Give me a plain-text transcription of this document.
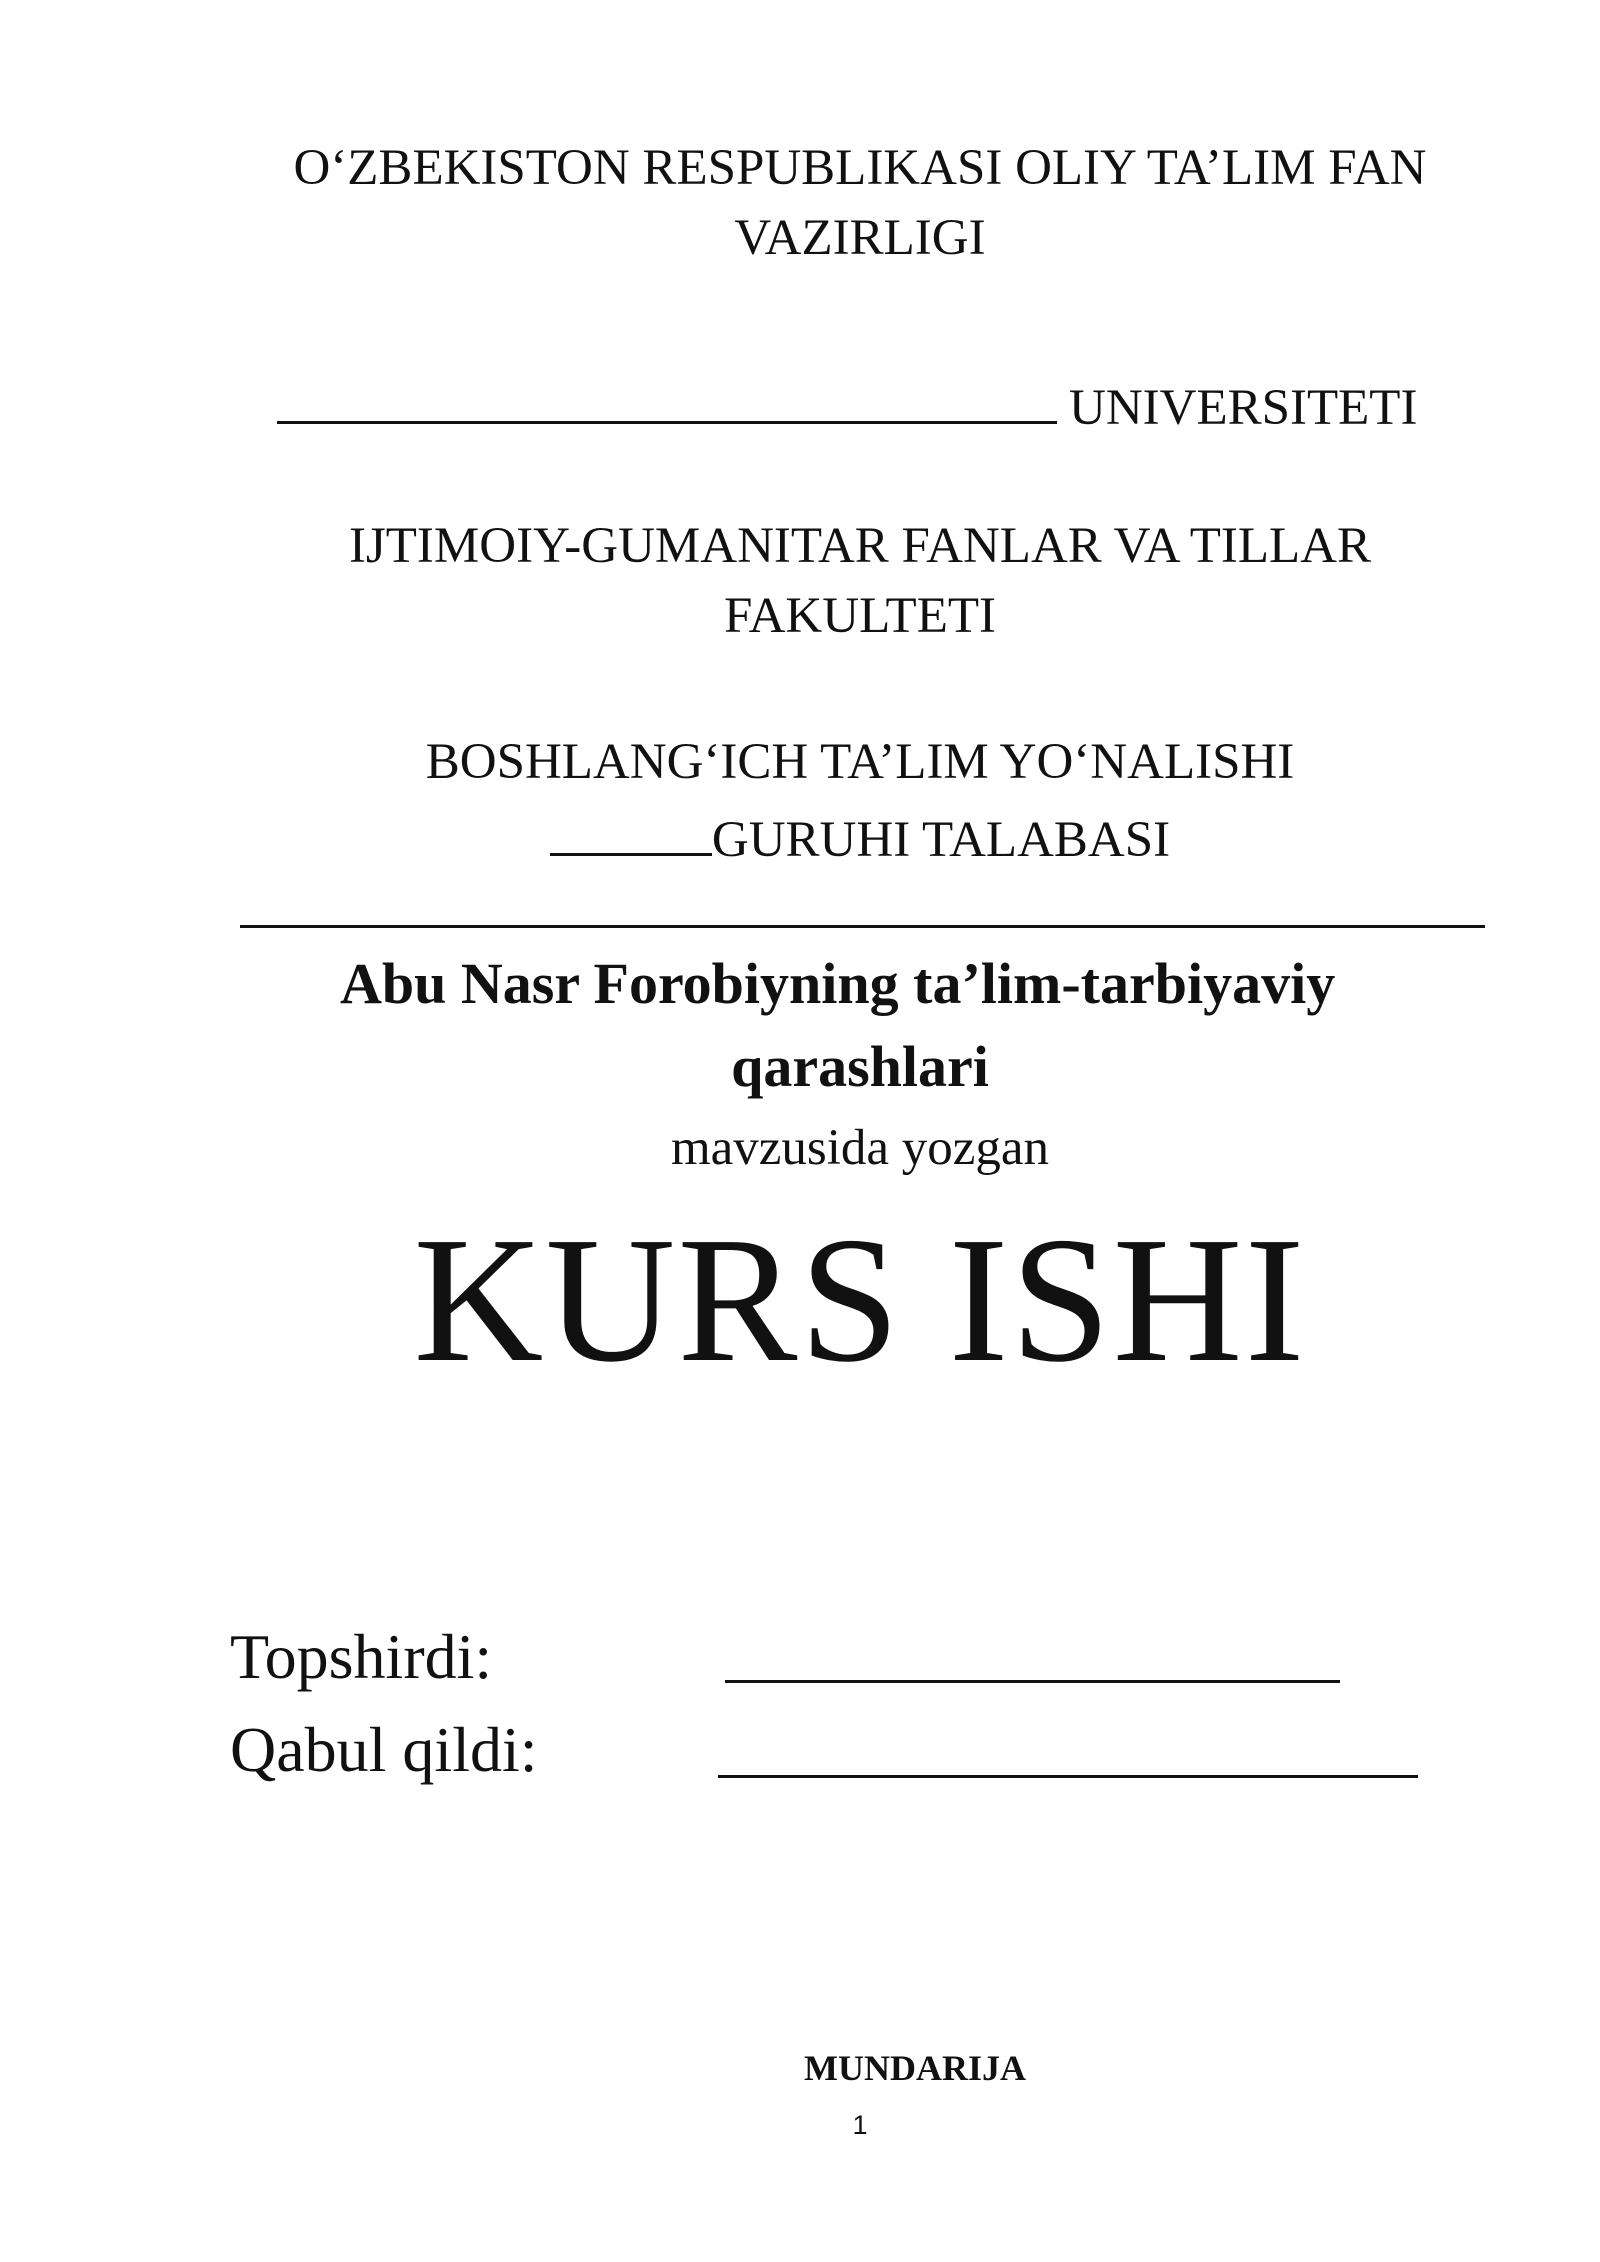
O‘ZBEKISTON RESPUBLIKASI OLIY TA’LIM FAN
VAZIRLIGI
UNIVERSITETI
IJTIMOIY-GUMANITAR FANLAR VA TILLAR
FAKULTETI
BOSHLANG‘ICH TA’LIM YO‘NALISHI
GURUHI TALABASI
Abu Nasr Forobiyning ta’lim-tarbiyaviy
qarashlari
mavzusida yozgan
KURS ISHI
Topshirdi:
Qabul qildi:
MUNDARIJA
1
